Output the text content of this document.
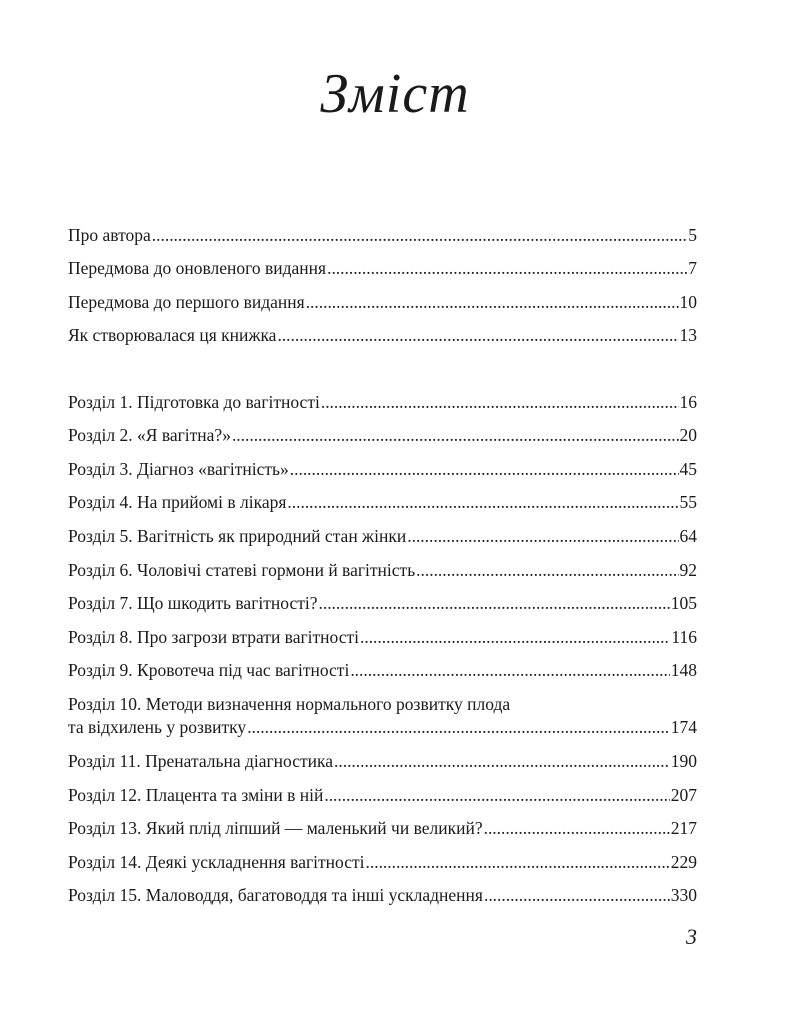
Зміст
Про автора . . .	5
Передмова до оновленого видання . . .	7
Передмова до першого видання . . .	10
Як створювалася ця книжка . . .	13
Розділ 1. Підготовка до вагітності . . .	16
Розділ 2. «Я вагітна?» . . .	20
Розділ 3. Діагноз «вагітність» . . .	45
Розділ 4. На прийомі в лікаря . . .	55
Розділ 5. Вагітність як природний стан жінки . . .	64
Розділ 6. Чоловічі статеві гормони й вагітність . . .	92
Розділ 7. Що шкодить вагітності? . . .	105
Розділ 8. Про загрози втрати вагітності . . .	116
Розділ 9. Кровотеча під час вагітності . . .	148
Розділ 10. Методи визначення нормального розвитку плода
та відхилень у розвитку . . .	174
Розділ 11. Пренатальна діагностика . . .	190
Розділ 12. Плацента та зміни в ній . . .	207
Розділ 13. Який плід ліпший — маленький чи великий? . . .	217
Розділ 14. Деякі ускладнення вагітності . . .	229
Розділ 15. Маловоддя, багатоводдя та інші ускладнення . . .	330
3
